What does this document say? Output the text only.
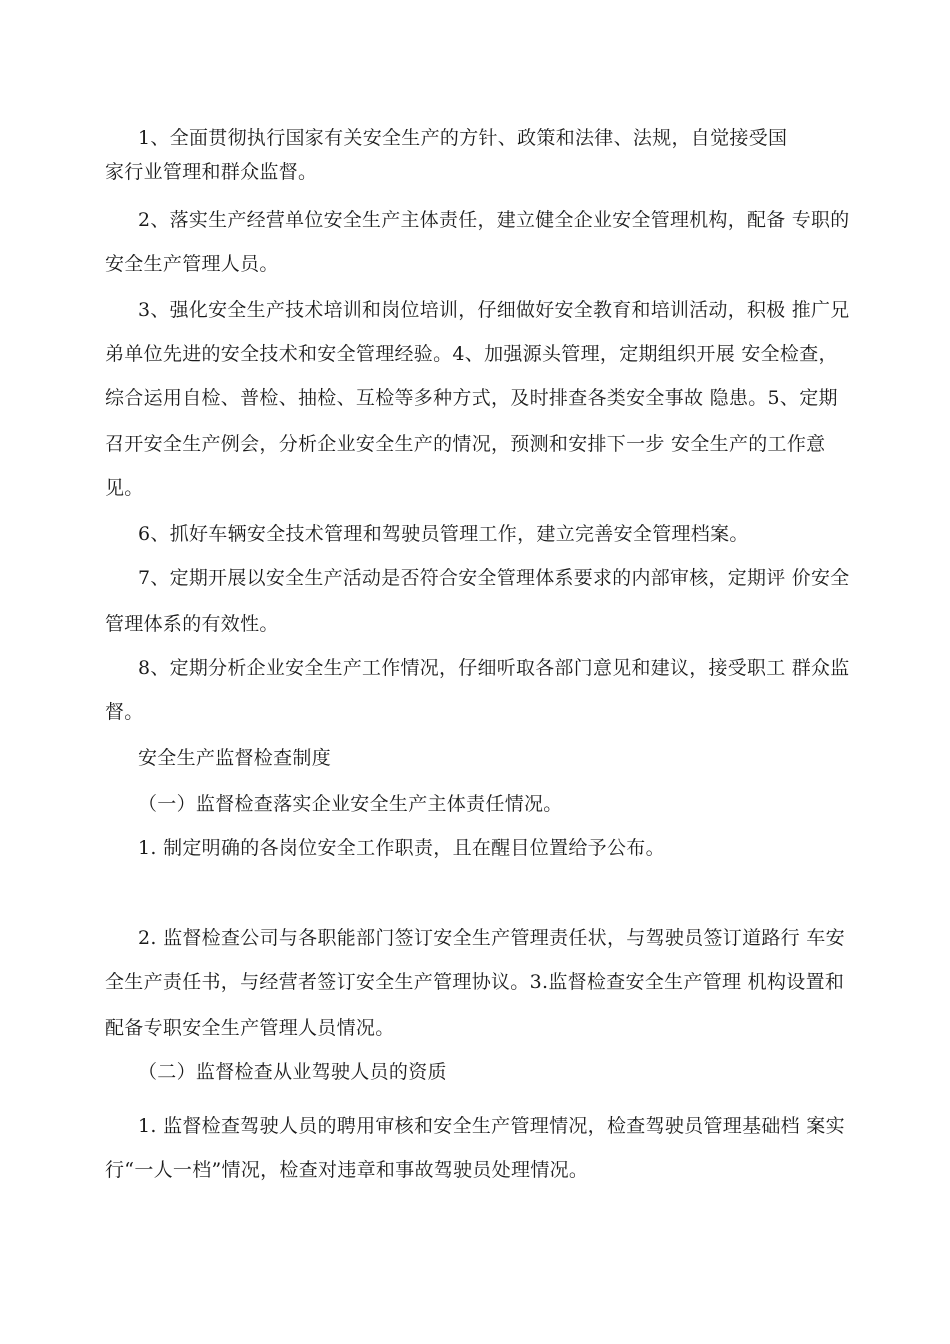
1、全面贯彻执行国家有关安全生产的方针、政策和法律、法规，自觉接受国
家行业管理和群众监督。
2、落实生产经营单位安全生产主体责任，建立健全企业安全管理机构，配备 专职的
安全生产管理人员。
3、强化安全生产技术培训和岗位培训，仔细做好安全教育和培训活动，积极 推广兄
弟单位先进的安全技术和安全管理经验。4、加强源头管理，定期组织开展 安全检查，
综合运用自检、普检、抽检、互检等多种方式，及时排查各类安全事故 隐患。5、定期
召开安全生产例会，分析企业安全生产的情况，预测和安排下一步 安全生产的工作意
见。
6、抓好车辆安全技术管理和驾驶员管理工作，建立完善安全管理档案。
7、定期开展以安全生产活动是否符合安全管理体系要求的内部审核，定期评 价安全
管理体系的有效性。
8、定期分析企业安全生产工作情况，仔细听取各部门意见和建议，接受职工 群众监
督。
安全生产监督检查制度
（一）监督检查落实企业安全生产主体责任情况。
1. 制定明确的各岗位安全工作职责，且在醒目位置给予公布。
2. 监督检查公司与各职能部门签订安全生产管理责任状，与驾驶员签订道路行 车安
全生产责任书，与经营者签订安全生产管理协议。3.监督检查安全生产管理 机构设置和
配备专职安全生产管理人员情况。
（二）监督检查从业驾驶人员的资质
1. 监督检查驾驶人员的聘用审核和安全生产管理情况，检查驾驶员管理基础档 案实
行“一人一档”情况，检查对违章和事故驾驶员处理情况。
